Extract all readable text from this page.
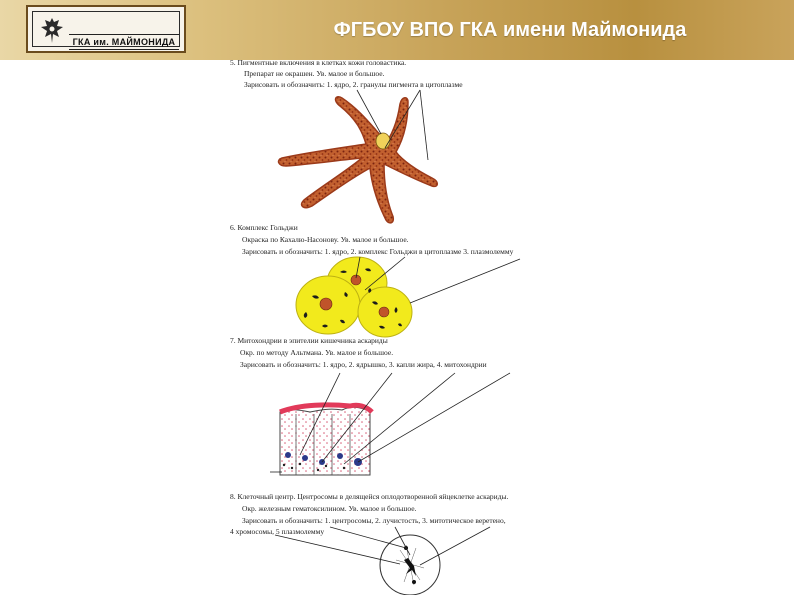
ГКА им. МАЙМОНИДА
ФГБОУ ВПО ГКА имени Маймонида
5. Пигментные включения в клетках кожи головастика.
Препарат не окрашен. Ув. малое и большое.
Зарисовать и обозначить: 1. ядро, 2. гранулы пигмента в цитоплазме
6. Комплекс Гольджи
Окраска по Кахалю-Насонову. Ув. малое и большое.
Зарисовать и обозначить: 1. ядро, 2. комплекс Гольджи в цитоплазме 3. плазмолемму
7. Митохондрии в эпителии кишечника аскариды
Окр. по методу Альтмана. Ув. малое и большое.
Зарисовать и обозначить: 1. ядро, 2. ядрышко, 3. капли жира, 4. митохондрии
8. Клеточный центр. Центросомы в делящейся оплодотворенной яйцеклетке аскариды.
Окр. железным гематоксилином. Ув. малое и большое.
Зарисовать и обозначить: 1. центросомы, 2. лучистость, 3. митотическое веретено,
4 хромосомы, 5 плазмолемму
